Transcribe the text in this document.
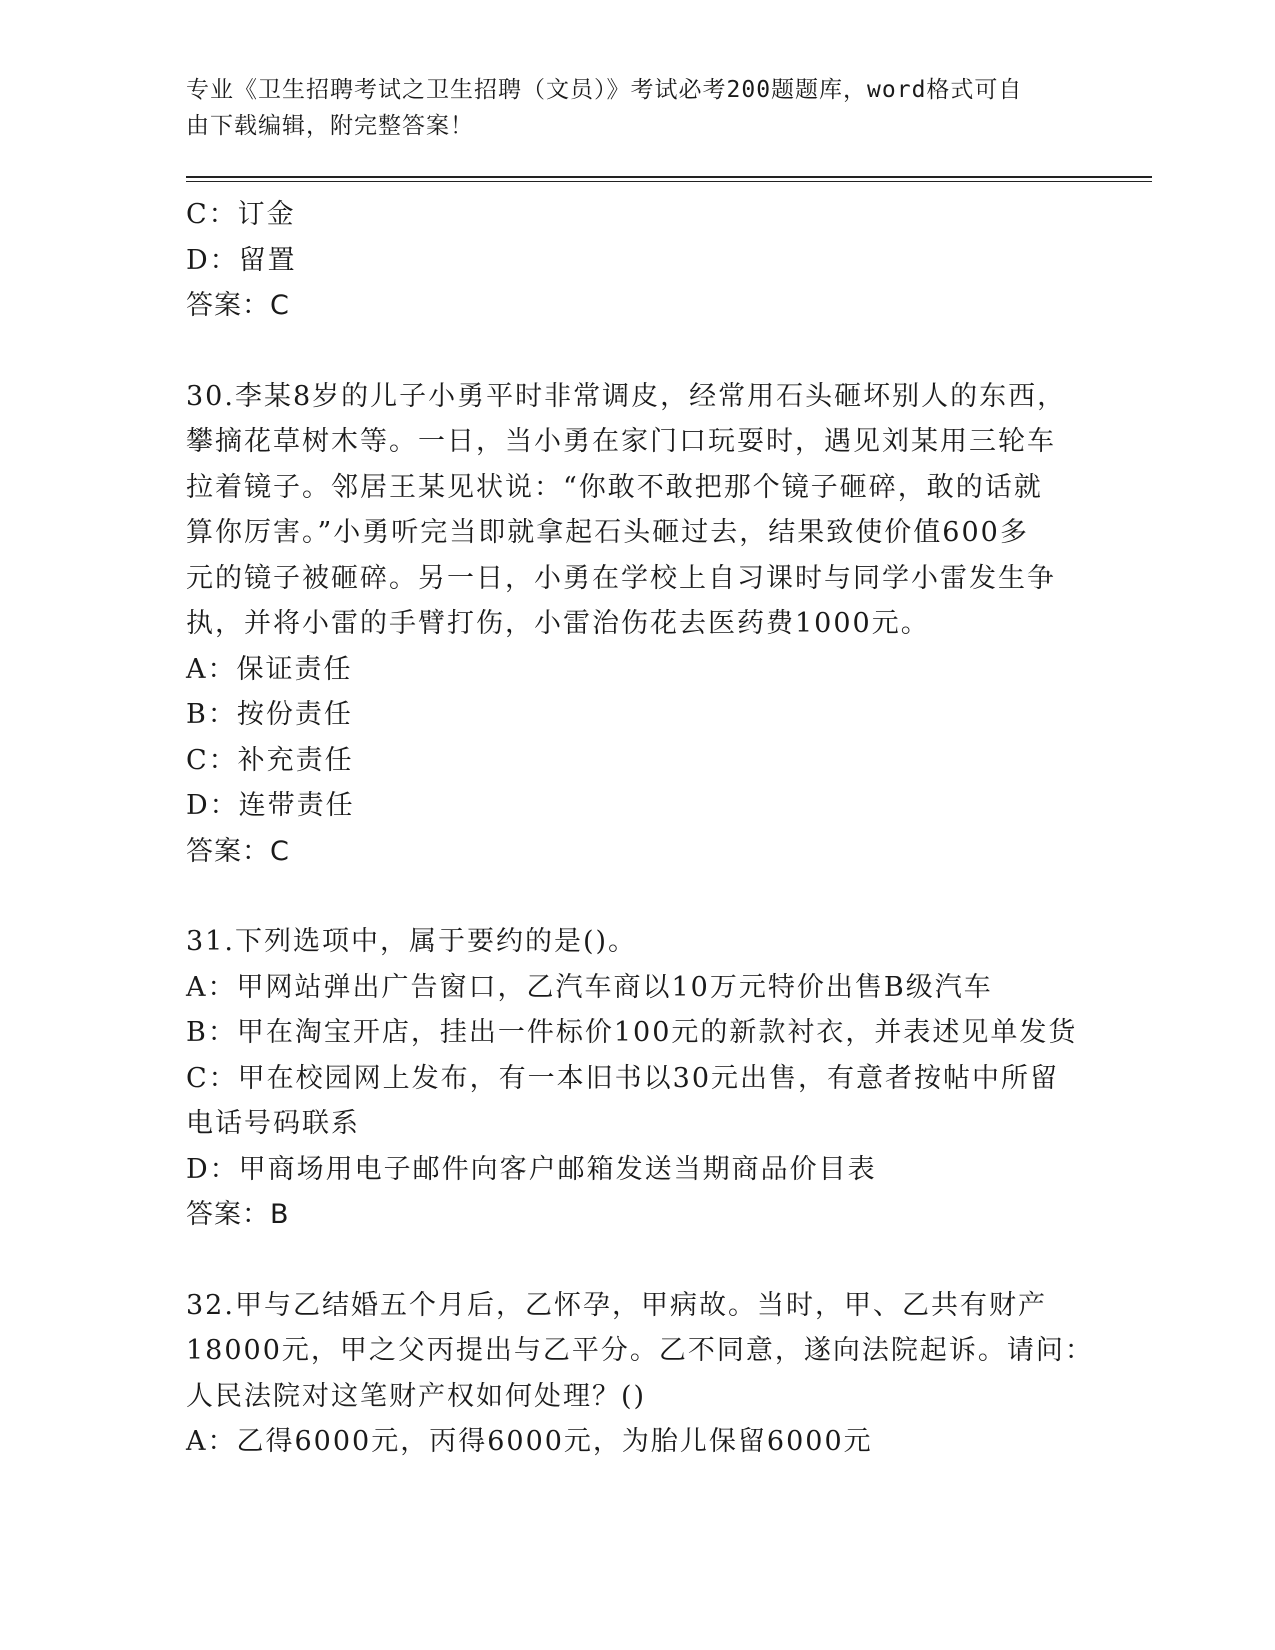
专业《卫生招聘考试之卫生招聘（文员）》考试必考200题题库，word格式可自
由下载编辑，附完整答案！
C：订金
D：留置
答案：C
30.李某8岁的儿子小勇平时非常调皮，经常用石头砸坏别人的东西，
攀摘花草树木等。一日，当小勇在家门口玩耍时，遇见刘某用三轮车
拉着镜子。邻居王某见状说：“你敢不敢把那个镜子砸碎，敢的话就
算你厉害。”小勇听完当即就拿起石头砸过去，结果致使价值600多
元的镜子被砸碎。另一日，小勇在学校上自习课时与同学小雷发生争
执，并将小雷的手臂打伤，小雷治伤花去医药费1000元。
A：保证责任
B：按份责任
C：补充责任
D：连带责任
答案：C
31.下列选项中，属于要约的是()。
A：甲网站弹出广告窗口，乙汽车商以10万元特价出售B级汽车
B：甲在淘宝开店，挂出一件标价100元的新款衬衣，并表述见单发货
C：甲在校园网上发布，有一本旧书以30元出售，有意者按帖中所留
电话号码联系
D：甲商场用电子邮件向客户邮箱发送当期商品价目表
答案：B
32.甲与乙结婚五个月后，乙怀孕，甲病故。当时，甲、乙共有财产
18000元，甲之父丙提出与乙平分。乙不同意，遂向法院起诉。请问：
人民法院对这笔财产权如何处理？()
A：乙得6000元，丙得6000元，为胎儿保留6000元
